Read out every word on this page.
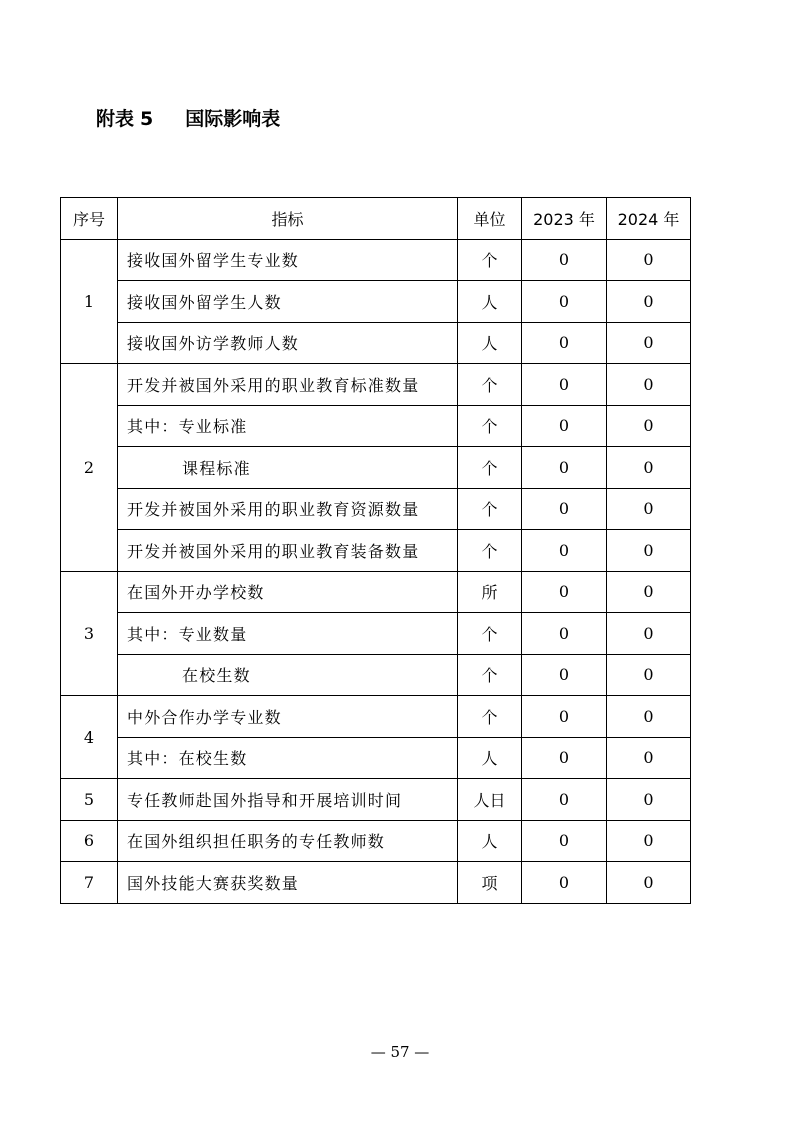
附表 5 国际影响表
序号	指标	单位	2023 年	2024 年
1	接收国外留学生专业数	个	0	0
	接收国外留学生人数	人	0	0
	接收国外访学教师人数	人	0	0
2	开发并被国外采用的职业教育标准数量	个	0	0
	其中：专业标准	个	0	0
	课程标准	个	0	0
	开发并被国外采用的职业教育资源数量	个	0	0
	开发并被国外采用的职业教育装备数量	个	0	0
3	在国外开办学校数	所	0	0
	其中：专业数量	个	0	0
	在校生数	个	0	0
4	中外合作办学专业数	个	0	0
	其中：在校生数	人	0	0
5	专任教师赴国外指导和开展培训时间	人日	0	0
6	在国外组织担任职务的专任教师数	人	0	0
7	国外技能大赛获奖数量	项	0	0
— 57 —
